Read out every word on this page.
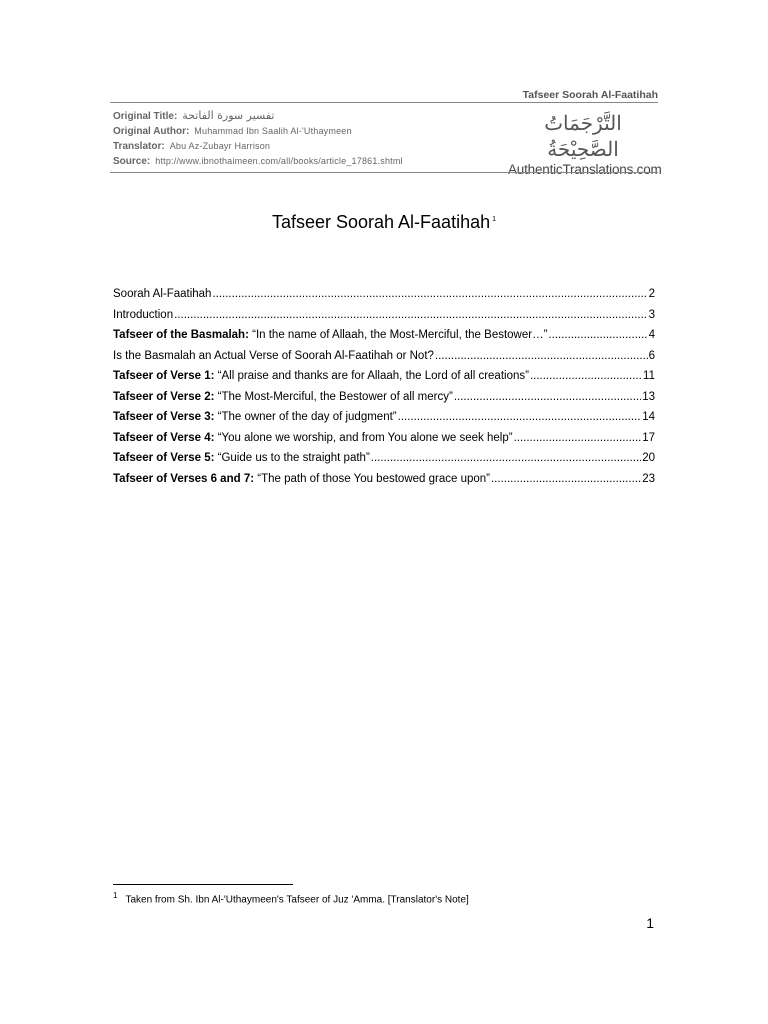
Tafseer Soorah Al-Faatihah
Original Title: تفسير سورة الفاتحة
Original Author: Muhammad Ibn Saalih Al-'Uthaymeen
Translator: Abu Az-Zubayr Harrison
Source: http://www.ibnothaimeen.com/all/books/article_17861.shtml
التَّرْجَمَاتُ الصَّحِيْحَةُ
AuthenticTranslations.com
Tafseer Soorah Al-Faatihah $^1$
Soorah Al-Faatihah .....	2
Introduction .....	3
Tafseer of the Basmalah: “In the name of Allaah, the Most-Merciful, the Bestower…” .....	4
Is the Basmalah an Actual Verse of Soorah Al-Faatihah or Not? .....	6
Tafseer of Verse 1: “All praise and thanks are for Allaah, the Lord of all creations” .....	11
Tafseer of Verse 2: “The Most-Merciful, the Bestower of all mercy” .....	13
Tafseer of Verse 3: “The owner of the day of judgment” .....	14
Tafseer of Verse 4: “You alone we worship, and from You alone we seek help” .....	17
Tafseer of Verse 5: “Guide us to the straight path” .....	20
Tafseer of Verses 6 and 7: “The path of those You bestowed grace upon” .....	23
$^1$ Taken from Sh. Ibn Al-'Uthaymeen's Tafseer of Juz 'Amma. [Translator's Note]
1
